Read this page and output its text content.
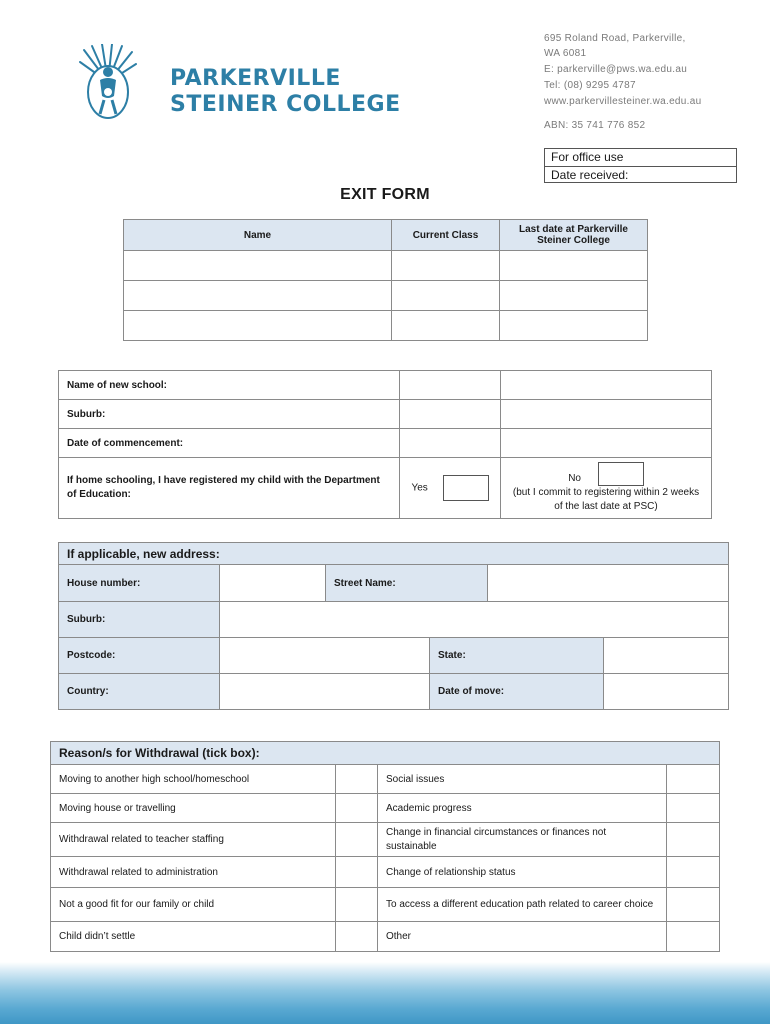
PARKERVILLE
STEINER COLLEGE
695 Roland Road, Parkerville,
WA 6081
E: parkerville@pws.wa.edu.au
Tel: (08) 9295 4787
www.parkervillesteiner.wa.edu.au
ABN: 35 741 776 852
For office use
Date received:
EXIT FORM
Name	Current Class	Last date at Parkerville Steiner College

Name of new school:		
Suburb:		
Date of commencement:		
If home schooling, I have registered my child with the Department of Education:	Yes	No
(but I commit to registering within 2 weeks of the last date at PSC)
If applicable, new address:					
House number:		Street Name:			
Suburb:					
Postcode:			State:		
Country:			Date of move:		
Reason/s for Withdrawal (tick box):			
Moving to another high school/homeschool		Social issues	
Moving house or travelling		Academic progress	
Withdrawal related to teacher staffing		Change in financial circumstances or finances not sustainable	
Withdrawal related to administration		Change of relationship status	
Not a good fit for our family or child		To access a different education path related to career choice	
Child didn’t settle		Other	
